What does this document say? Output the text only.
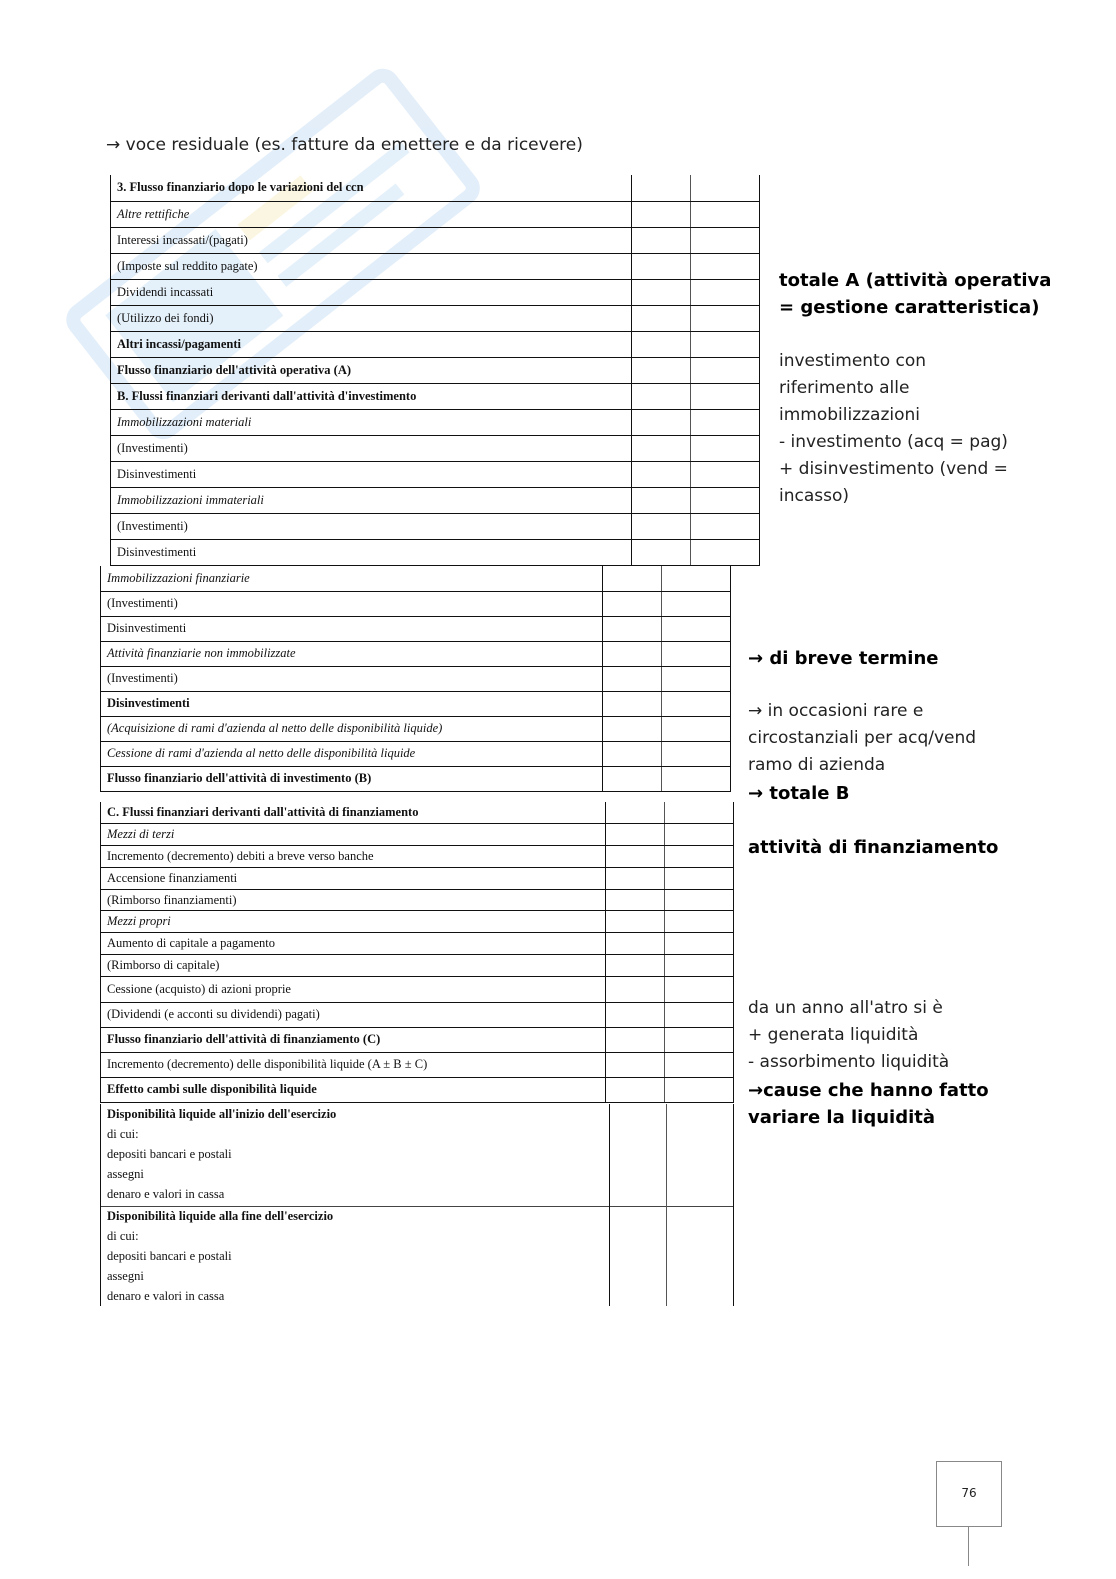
→ voce residuale (es. fatture da emettere e da ricevere)
3. Flusso finanziario dopo le variazioni del ccn		
Altre rettifiche		
Interessi incassati/(pagati)		
(Imposte sul reddito pagate)		
Dividendi incassati		
(Utilizzo dei fondi)		
Altri incassi/pagamenti		
Flusso finanziario dell'attività operativa (A)		
B. Flussi finanziari derivanti dall'attività d'investimento		
Immobilizzazioni materiali		
(Investimenti)		
Disinvestimenti		
Immobilizzazioni immateriali		
(Investimenti)		
Disinvestimenti		
Immobilizzazioni finanziarie		
(Investimenti)		
Disinvestimenti		
Attività finanziarie non immobilizzate		
(Investimenti)		
Disinvestimenti		
(Acquisizione di rami d'azienda al netto delle disponibilità liquide)		
Cessione di rami d'azienda al netto delle disponibilità liquide		
Flusso finanziario dell'attività di investimento (B)		
C. Flussi finanziari derivanti dall'attività di finanziamento		
Mezzi di terzi		
Incremento (decremento) debiti a breve verso banche		
Accensione finanziamenti		
(Rimborso finanziamenti)		
Mezzi propri		
Aumento di capitale a pagamento		
(Rimborso di capitale)		
Cessione (acquisto) di azioni proprie		
(Dividendi (e acconti su dividendi) pagati)		
Flusso finanziario dell'attività di finanziamento (C)		
Incremento (decremento) delle disponibilità liquide (A ± B ± C)		
Effetto cambi sulle disponibilità liquide		
Disponibilità liquide all'inizio dell'esercizio
di cui:
depositi bancari e postali
assegni
denaro e valori in cassa
Disponibilità liquide alla fine dell'esercizio
di cui:
depositi bancari e postali
assegni
denaro e valori in cassa
totale A (attività operativa
= gestione caratteristica)
investimento con
riferimento alle
immobilizzazioni
- investimento (acq = pag)
+ disinvestimento (vend =
incasso)
→ di breve termine
→ in occasioni rare e
circostanziali per acq/vend
ramo di azienda
→ totale B
attività di finanziamento
da un anno all'atro si è
+ generata liquidità
- assorbimento liquidità
→cause che hanno fatto
variare la liquidità
76
